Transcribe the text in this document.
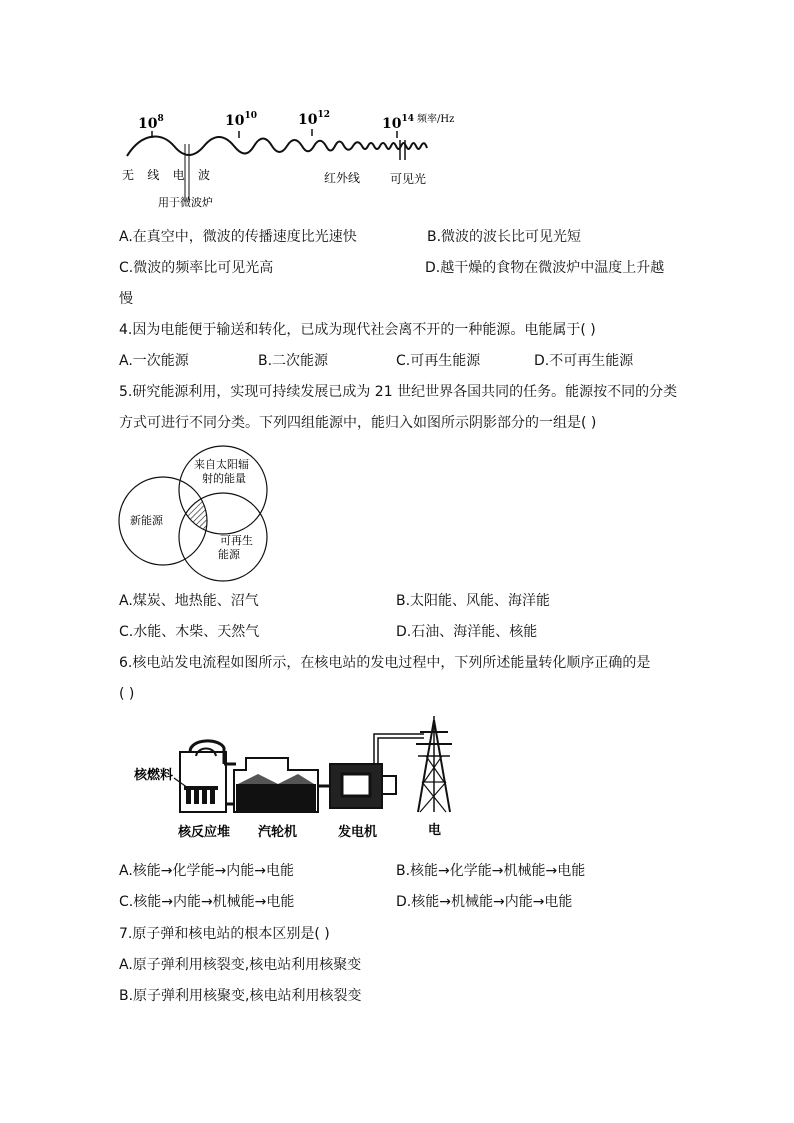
$10^8$	$10^{10}$	$10^{12}$
$10^{14}$ 频率/Hz
无 线 电 波	红外线 可见光
用于微波炉
A.在真空中，微波的传播速度比光速快	B.微波的波长比可见光短
C.微波的频率比可见光高	D.越干燥的食物在微波炉中温度上升越
慢
4.因为电能便于输送和转化，已成为现代社会离不开的一种能源。电能属于( )
A.一次能源	B.二次能源	C.可再生能源	D.不可再生能源
5.研究能源利用，实现可持续发展已成为 21 世纪世界各国共同的任务。能源按不同的分类
方式可进行不同分类。下列四组能源中，能归入如图所示阴影部分的一组是( )
来自太阳辐
射的能量
新能源
可再生
能源
A.煤炭、地热能、沼气	B.太阳能、风能、海洋能
C.水能、木柴、天然气	D.石油、海洋能、核能
6.核电站发电流程如图所示，在核电站的发电过程中，下列所述能量转化顺序正确的是
( )
核燃料
核反应堆 汽轮机	发电机	电
A.核能→化学能→内能→电能	B.核能→化学能→机械能→电能
C.核能→内能→机械能→电能	D.核能→机械能→内能→电能
7.原子弹和核电站的根本区别是( )
A.原子弹利用核裂变,核电站利用核聚变
B.原子弹利用核聚变,核电站利用核裂变
